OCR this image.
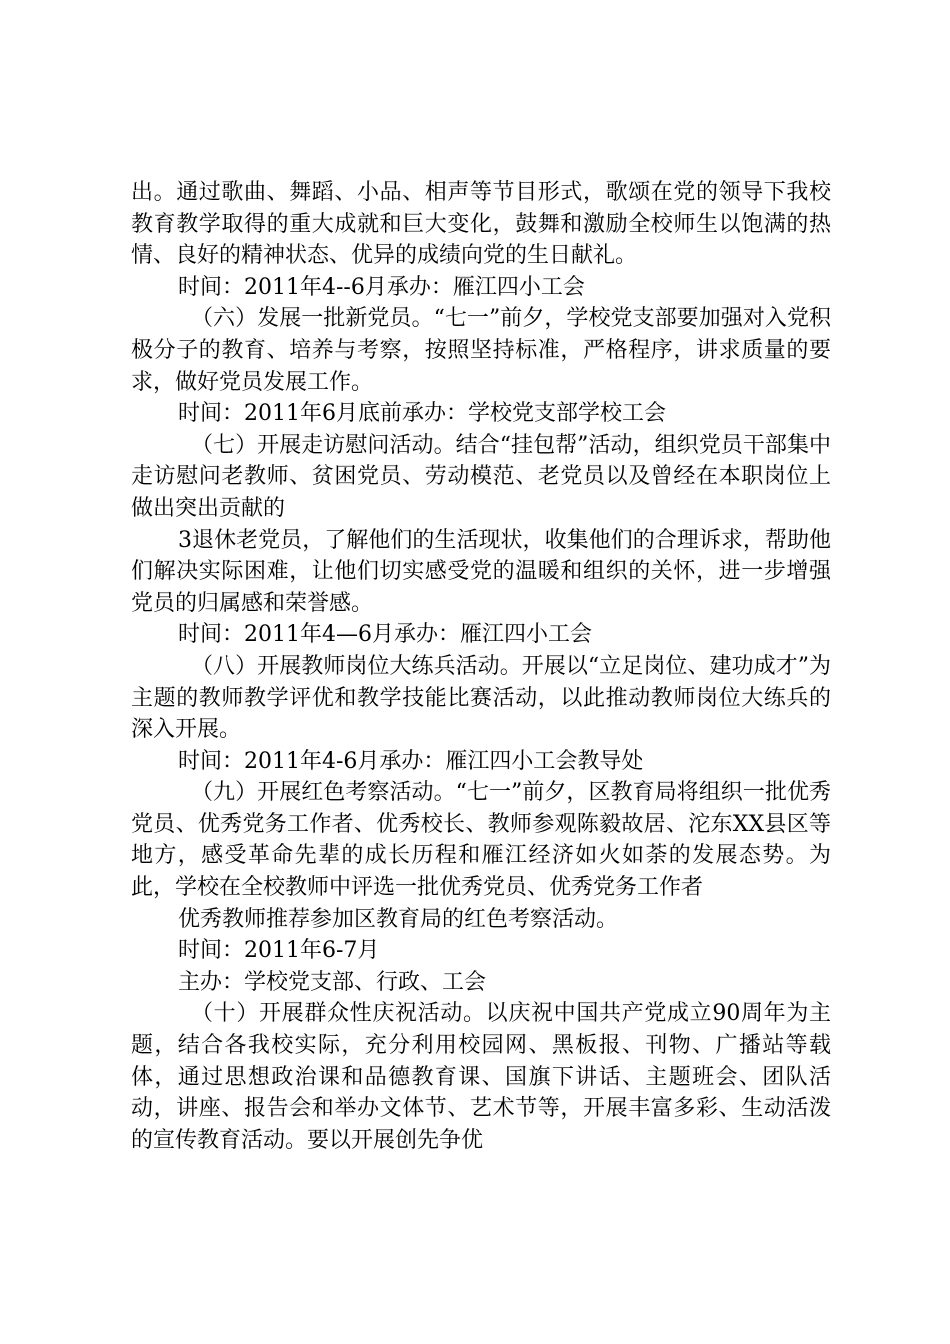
出。通过歌曲、舞蹈、小品、相声等节目形式，歌颂在党的领导下我校教育教学取得的重大成就和巨大变化，鼓舞和激励全校师生以饱满的热情、良好的精神状态、优异的成绩向党的生日献礼。

时间：2011年4--6月承办：雁江四小工会

（六）发展一批新党员。“七一”前夕，学校党支部要加强对入党积极分子的教育、培养与考察，按照坚持标准，严格程序，讲求质量的要求，做好党员发展工作。

时间：2011年6月底前承办：学校党支部学校工会

（七）开展走访慰问活动。结合“挂包帮”活动，组织党员干部集中走访慰问老教师、贫困党员、劳动模范、老党员以及曾经在本职岗位上做出突出贡献的

3退休老党员，了解他们的生活现状，收集他们的合理诉求，帮助他们解决实际困难，让他们切实感受党的温暖和组织的关怀，进一步增强党员的归属感和荣誉感。

时间：2011年4—6月承办：雁江四小工会

（八）开展教师岗位大练兵活动。开展以“立足岗位、建功成才”为主题的教师教学评优和教学技能比赛活动，以此推动教师岗位大练兵的深入开展。

时间：2011年4-6月承办：雁江四小工会教导处

（九）开展红色考察活动。“七一”前夕，区教育局将组织一批优秀党员、优秀党务工作者、优秀校长、教师参观陈毅故居、沱东XX县区等地方，感受革命先辈的成长历程和雁江经济如火如荼的发展态势。为此，学校在全校教师中评选一批优秀党员、优秀党务工作者

优秀教师推荐参加区教育局的红色考察活动。

时间：2011年6-7月

主办：学校党支部、行政、工会

（十）开展群众性庆祝活动。以庆祝中国共产党成立90周年为主题，结合各我校实际，充分利用校园网、黑板报、刊物、广播站等载体，通过思想政治课和品德教育课、国旗下讲话、主题班会、团队活动，讲座、报告会和举办文体节、艺术节等，开展丰富多彩、生动活泼的宣传教育活动。要以开展创先争优
